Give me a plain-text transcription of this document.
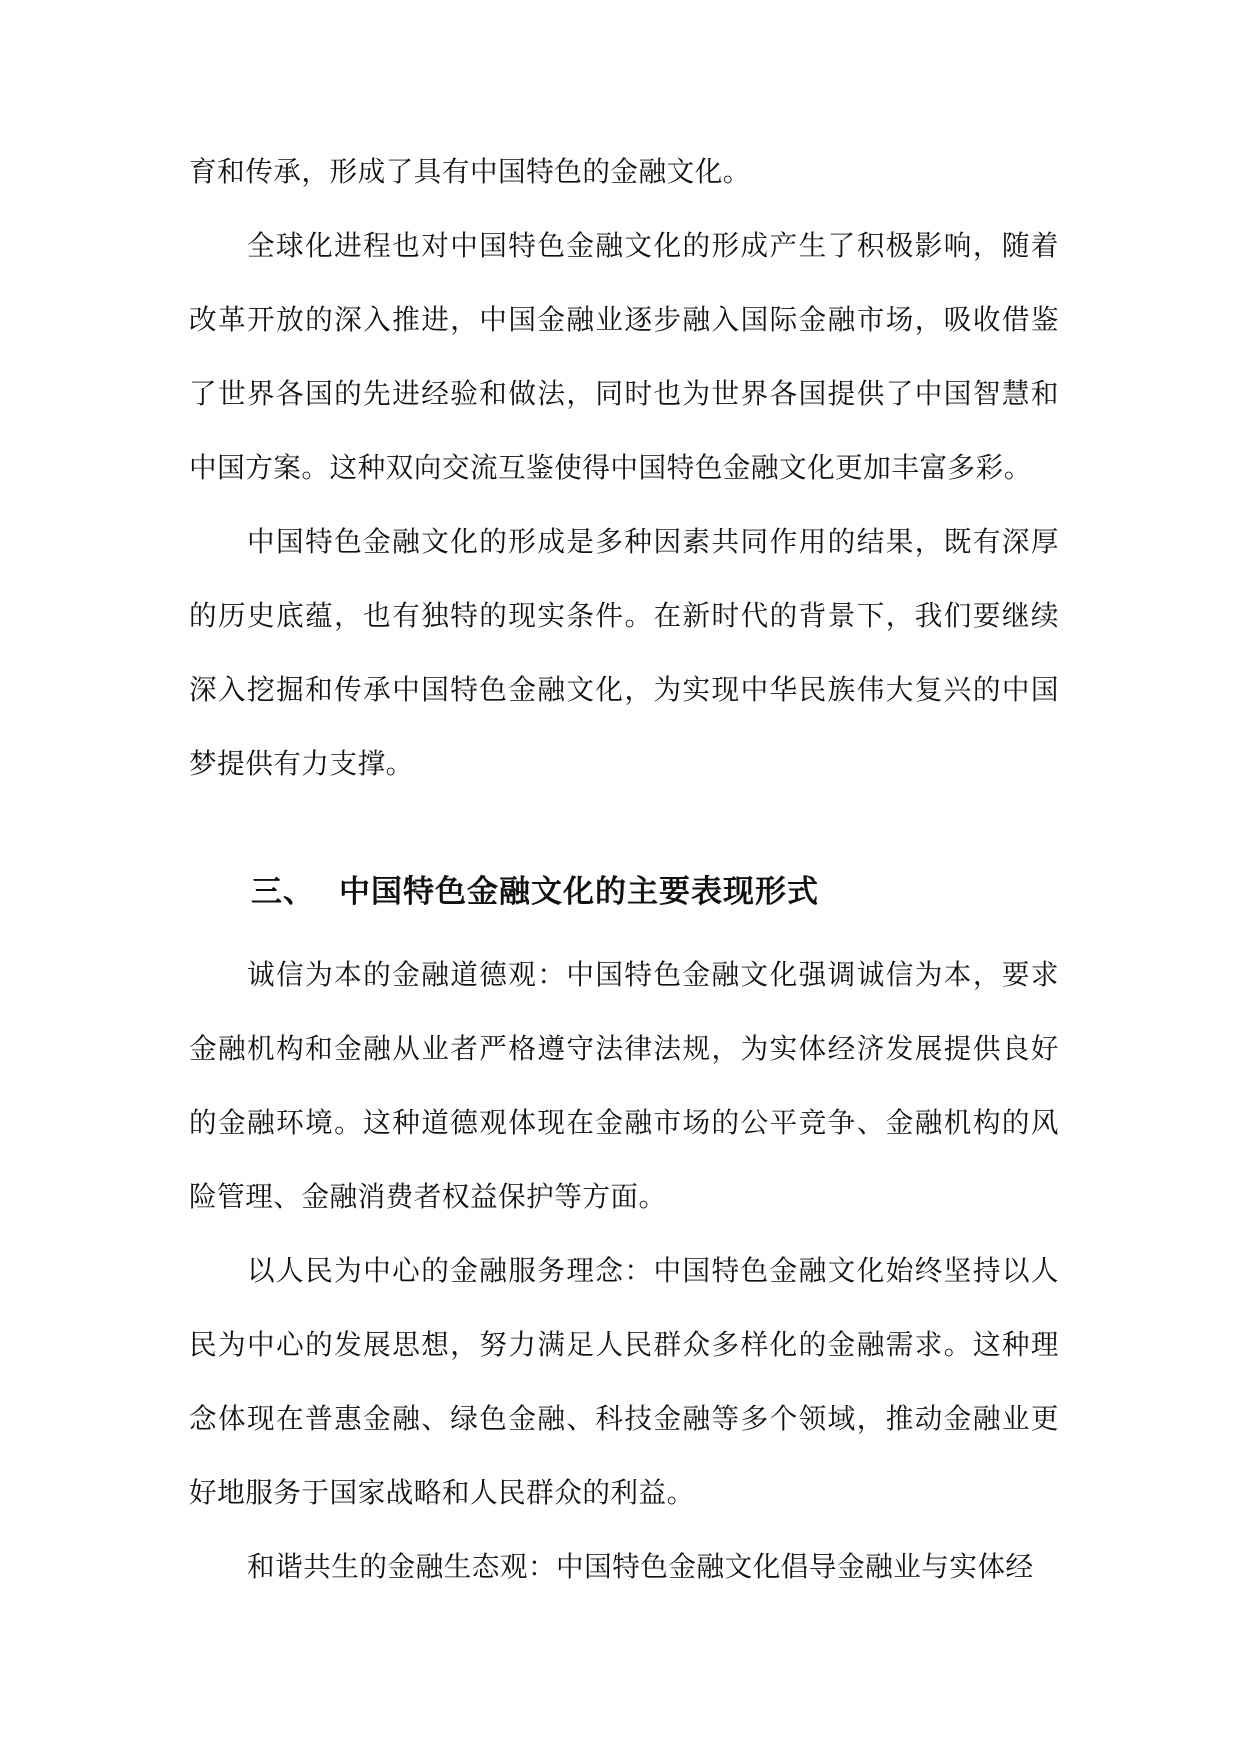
育和传承，形成了具有中国特色的金融文化。

全球化进程也对中国特色金融文化的形成产生了积极影响，随着改革开放的深入推进，中国金融业逐步融入国际金融市场，吸收借鉴了世界各国的先进经验和做法，同时也为世界各国提供了中国智慧和中国方案。这种双向交流互鉴使得中国特色金融文化更加丰富多彩。

中国特色金融文化的形成是多种因素共同作用的结果，既有深厚的历史底蕴，也有独特的现实条件。在新时代的背景下，我们要继续深入挖掘和传承中国特色金融文化，为实现中华民族伟大复兴的中国梦提供有力支撑。

三、 中国特色金融文化的主要表现形式

诚信为本的金融道德观：中国特色金融文化强调诚信为本，要求金融机构和金融从业者严格遵守法律法规，为实体经济发展提供良好的金融环境。这种道德观体现在金融市场的公平竞争、金融机构的风险管理、金融消费者权益保护等方面。

以人民为中心的金融服务理念：中国特色金融文化始终坚持以人民为中心的发展思想，努力满足人民群众多样化的金融需求。这种理念体现在普惠金融、绿色金融、科技金融等多个领域，推动金融业更好地服务于国家战略和人民群众的利益。

和谐共生的金融生态观：中国特色金融文化倡导金融业与实体经
